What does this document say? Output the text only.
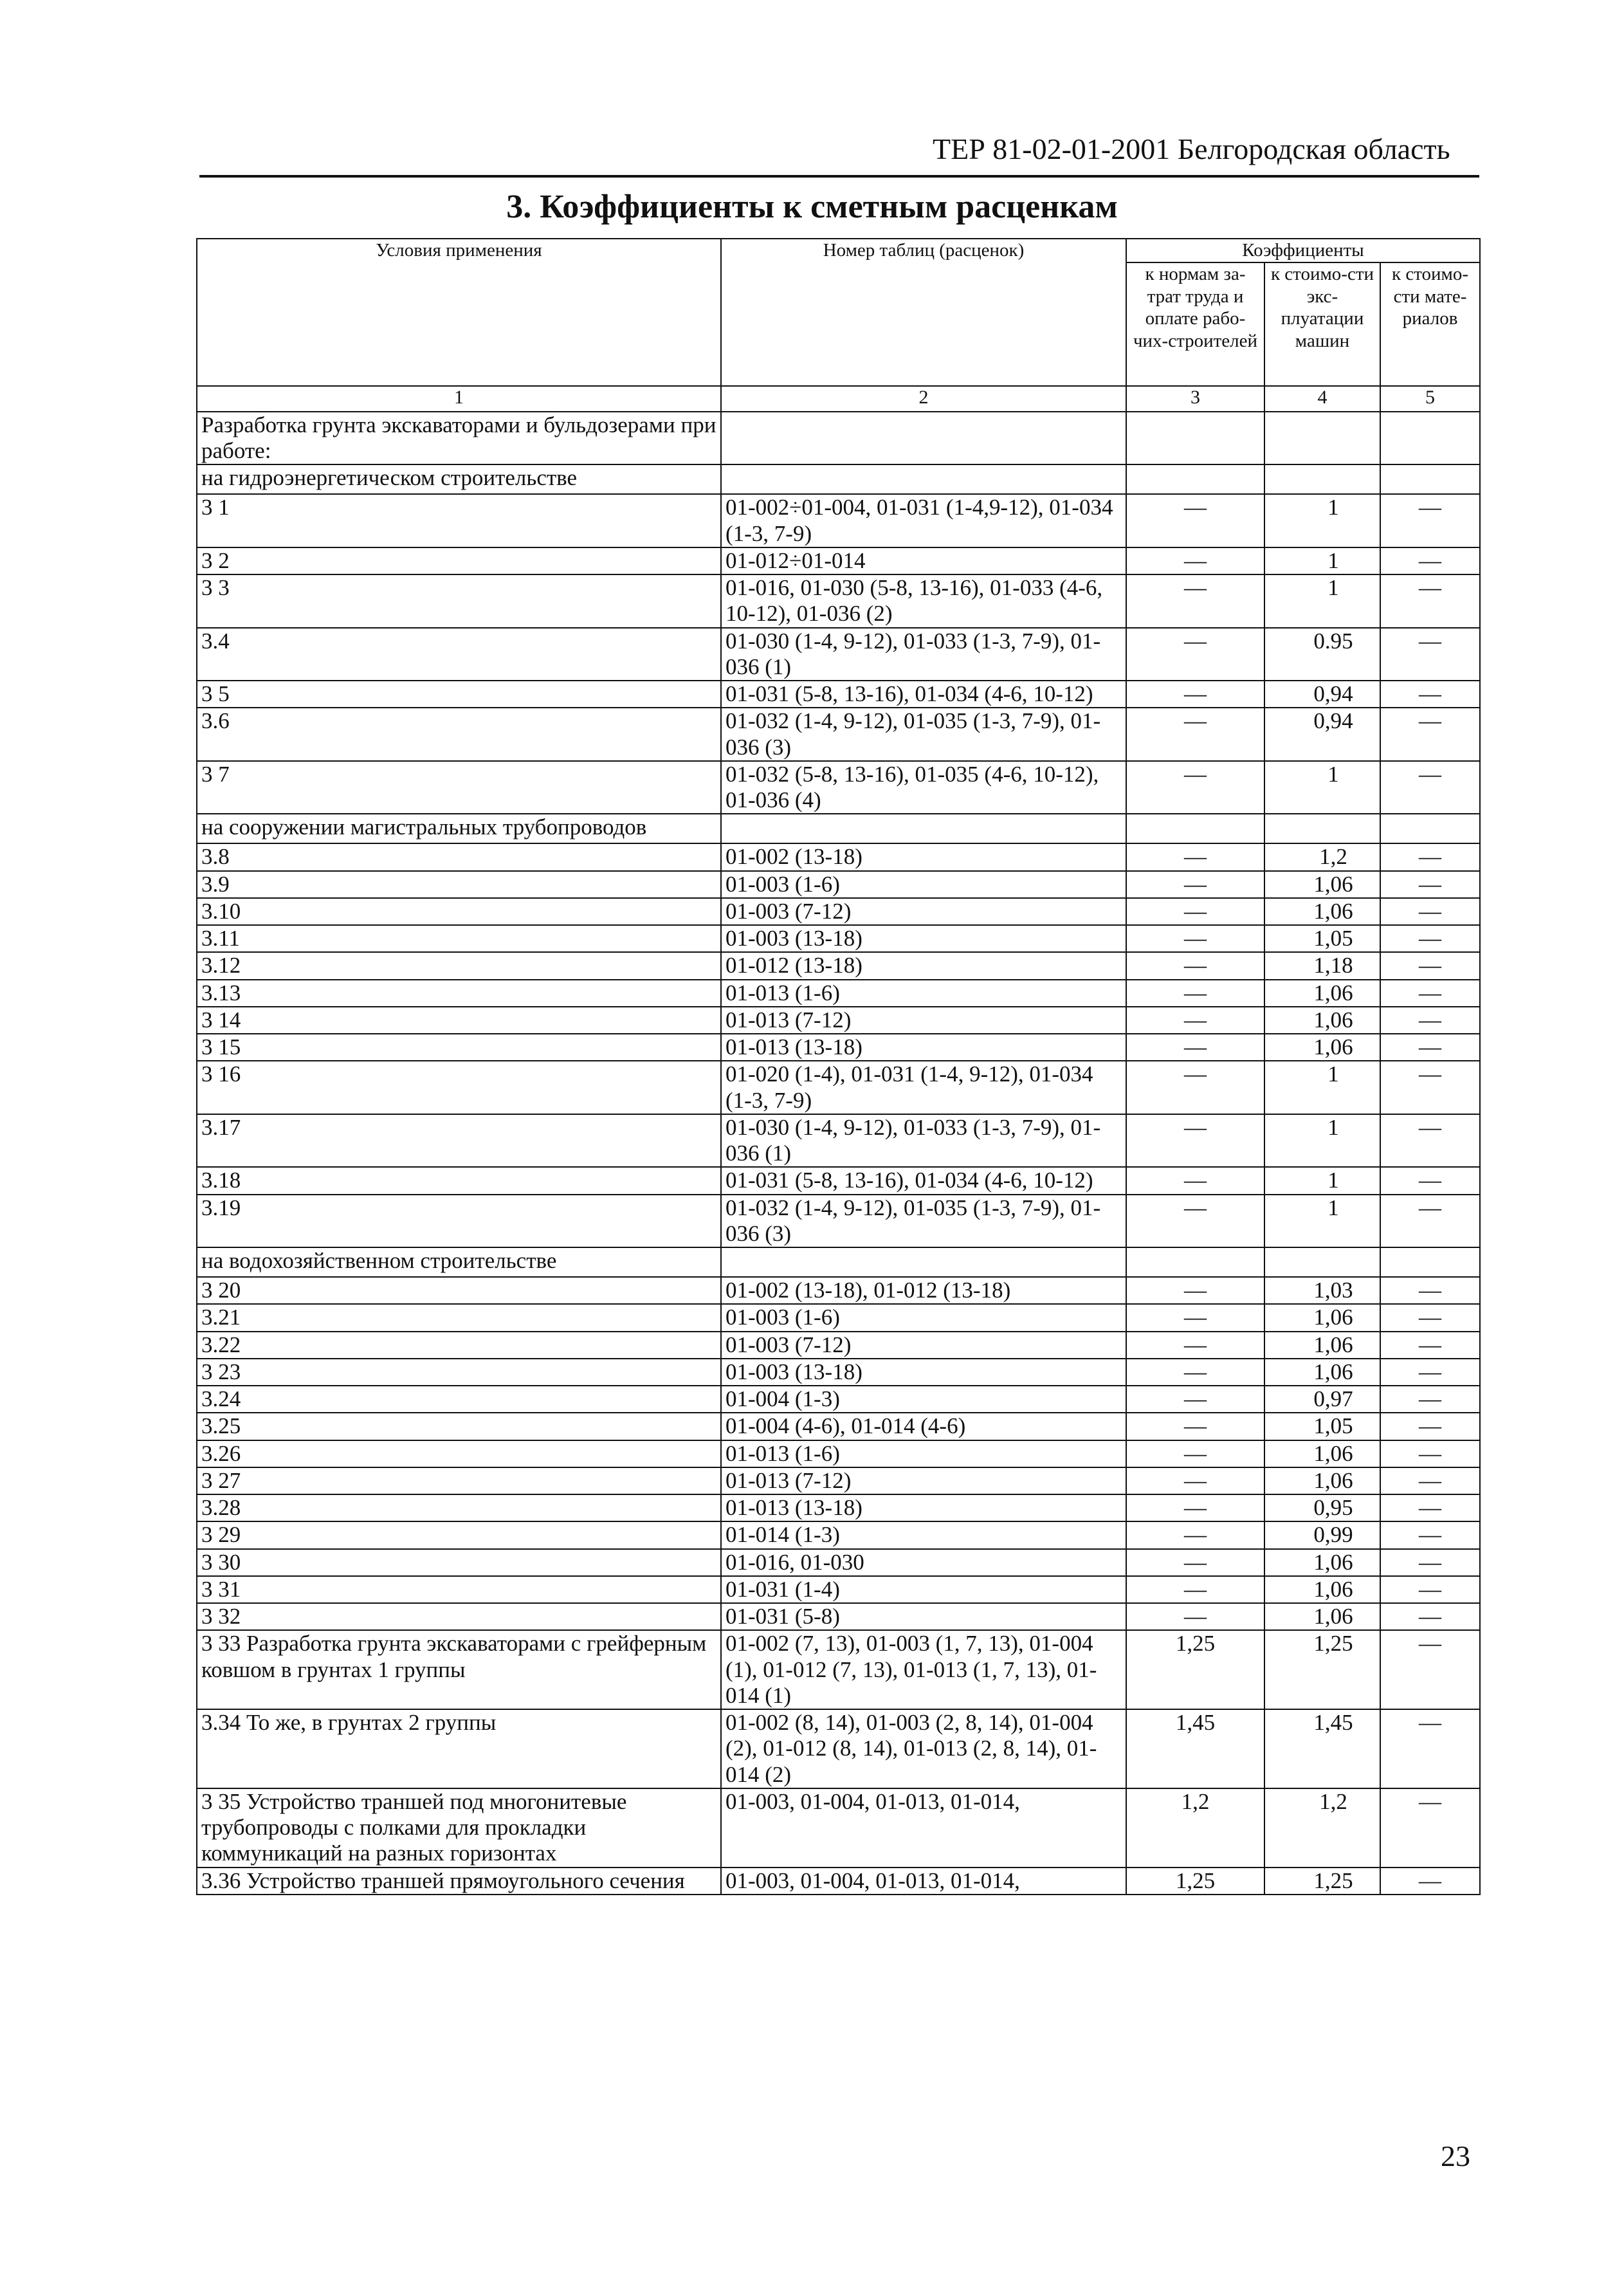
ТЕР 81-02-01-2001 Белгородская область
3. Коэффициенты к сметным расценкам
Условия применения	Номер таблиц (расценок)	Коэффициенты		
		к нормам за-трат труда и оплате рабо-чих-строителей	к стоимо-сти экс-плуатации машин	к стоимо-сти мате-риалов
1	2	3	4	5
Разработка грунта экскаваторами и бульдозерами при работе:				
на гидроэнергетическом строительстве				
3 1	01-002÷01-004, 01-031 (1-4,9-12), 01-034 (1-3, 7-9)	—	1	—
3 2	01-012÷01-014	—	1	—
3 3	01-016, 01-030 (5-8, 13-16), 01-033 (4-6, 10-12), 01-036 (2)	—	1	—
3.4	01-030 (1-4, 9-12), 01-033 (1-3, 7-9), 01-036 (1)	—	0.95	—
3 5	01-031 (5-8, 13-16), 01-034 (4-6, 10-12)	—	0,94	—
3.6	01-032 (1-4, 9-12), 01-035 (1-3, 7-9), 01-036 (3)	—	0,94	—
3 7	01-032 (5-8, 13-16), 01-035 (4-6, 10-12), 01-036 (4)	—	1	—
на сооружении магистральных трубопроводов				
3.8	01-002 (13-18)	—	1,2	—
3.9	01-003 (1-6)	—	1,06	—
3.10	01-003 (7-12)	—	1,06	—
3.11	01-003 (13-18)	—	1,05	—
3.12	01-012 (13-18)	—	1,18	—
3.13	01-013 (1-6)	—	1,06	—
3 14	01-013 (7-12)	—	1,06	—
3 15	01-013 (13-18)	—	1,06	—
3 16	01-020 (1-4), 01-031 (1-4, 9-12), 01-034 (1-3, 7-9)	—	1	—
3.17	01-030 (1-4, 9-12), 01-033 (1-3, 7-9), 01-036 (1)	—	1	—
3.18	01-031 (5-8, 13-16), 01-034 (4-6, 10-12)	—	1	—
3.19	01-032 (1-4, 9-12), 01-035 (1-3, 7-9), 01-036 (3)	—	1	—
на водохозяйственном строительстве				
3 20	01-002 (13-18), 01-012 (13-18)	—	1,03	—
3.21	01-003 (1-6)	—	1,06	—
3.22	01-003 (7-12)	—	1,06	—
3 23	01-003 (13-18)	—	1,06	—
3.24	01-004 (1-3)	—	0,97	—
3.25	01-004 (4-6), 01-014 (4-6)	—	1,05	—
3.26	01-013 (1-6)	—	1,06	—
3 27	01-013 (7-12)	—	1,06	—
3.28	01-013 (13-18)	—	0,95	—
3 29	01-014 (1-3)	—	0,99	—
3 30	01-016, 01-030	—	1,06	—
3 31	01-031 (1-4)	—	1,06	—
3 32	01-031 (5-8)	—	1,06	—
3 33 Разработка грунта экскаваторами с грейферным ковшом в грунтах 1 группы	01-002 (7, 13), 01-003 (1, 7, 13), 01-004 (1), 01-012 (7, 13), 01-013 (1, 7, 13), 01-014 (1)	1,25	1,25	—
3.34 То же, в грунтах 2 группы	01-002 (8, 14), 01-003 (2, 8, 14), 01-004 (2), 01-012 (8, 14), 01-013 (2, 8, 14), 01-014 (2)	1,45	1,45	—
3 35 Устройство траншей под многонитевые трубопроводы с полками для прокладки коммуникаций на разных горизонтах	01-003, 01-004, 01-013, 01-014,	1,2	1,2	—
3.36 Устройство траншей прямоугольного сечения	01-003, 01-004, 01-013, 01-014,	1,25	1,25	—
23
